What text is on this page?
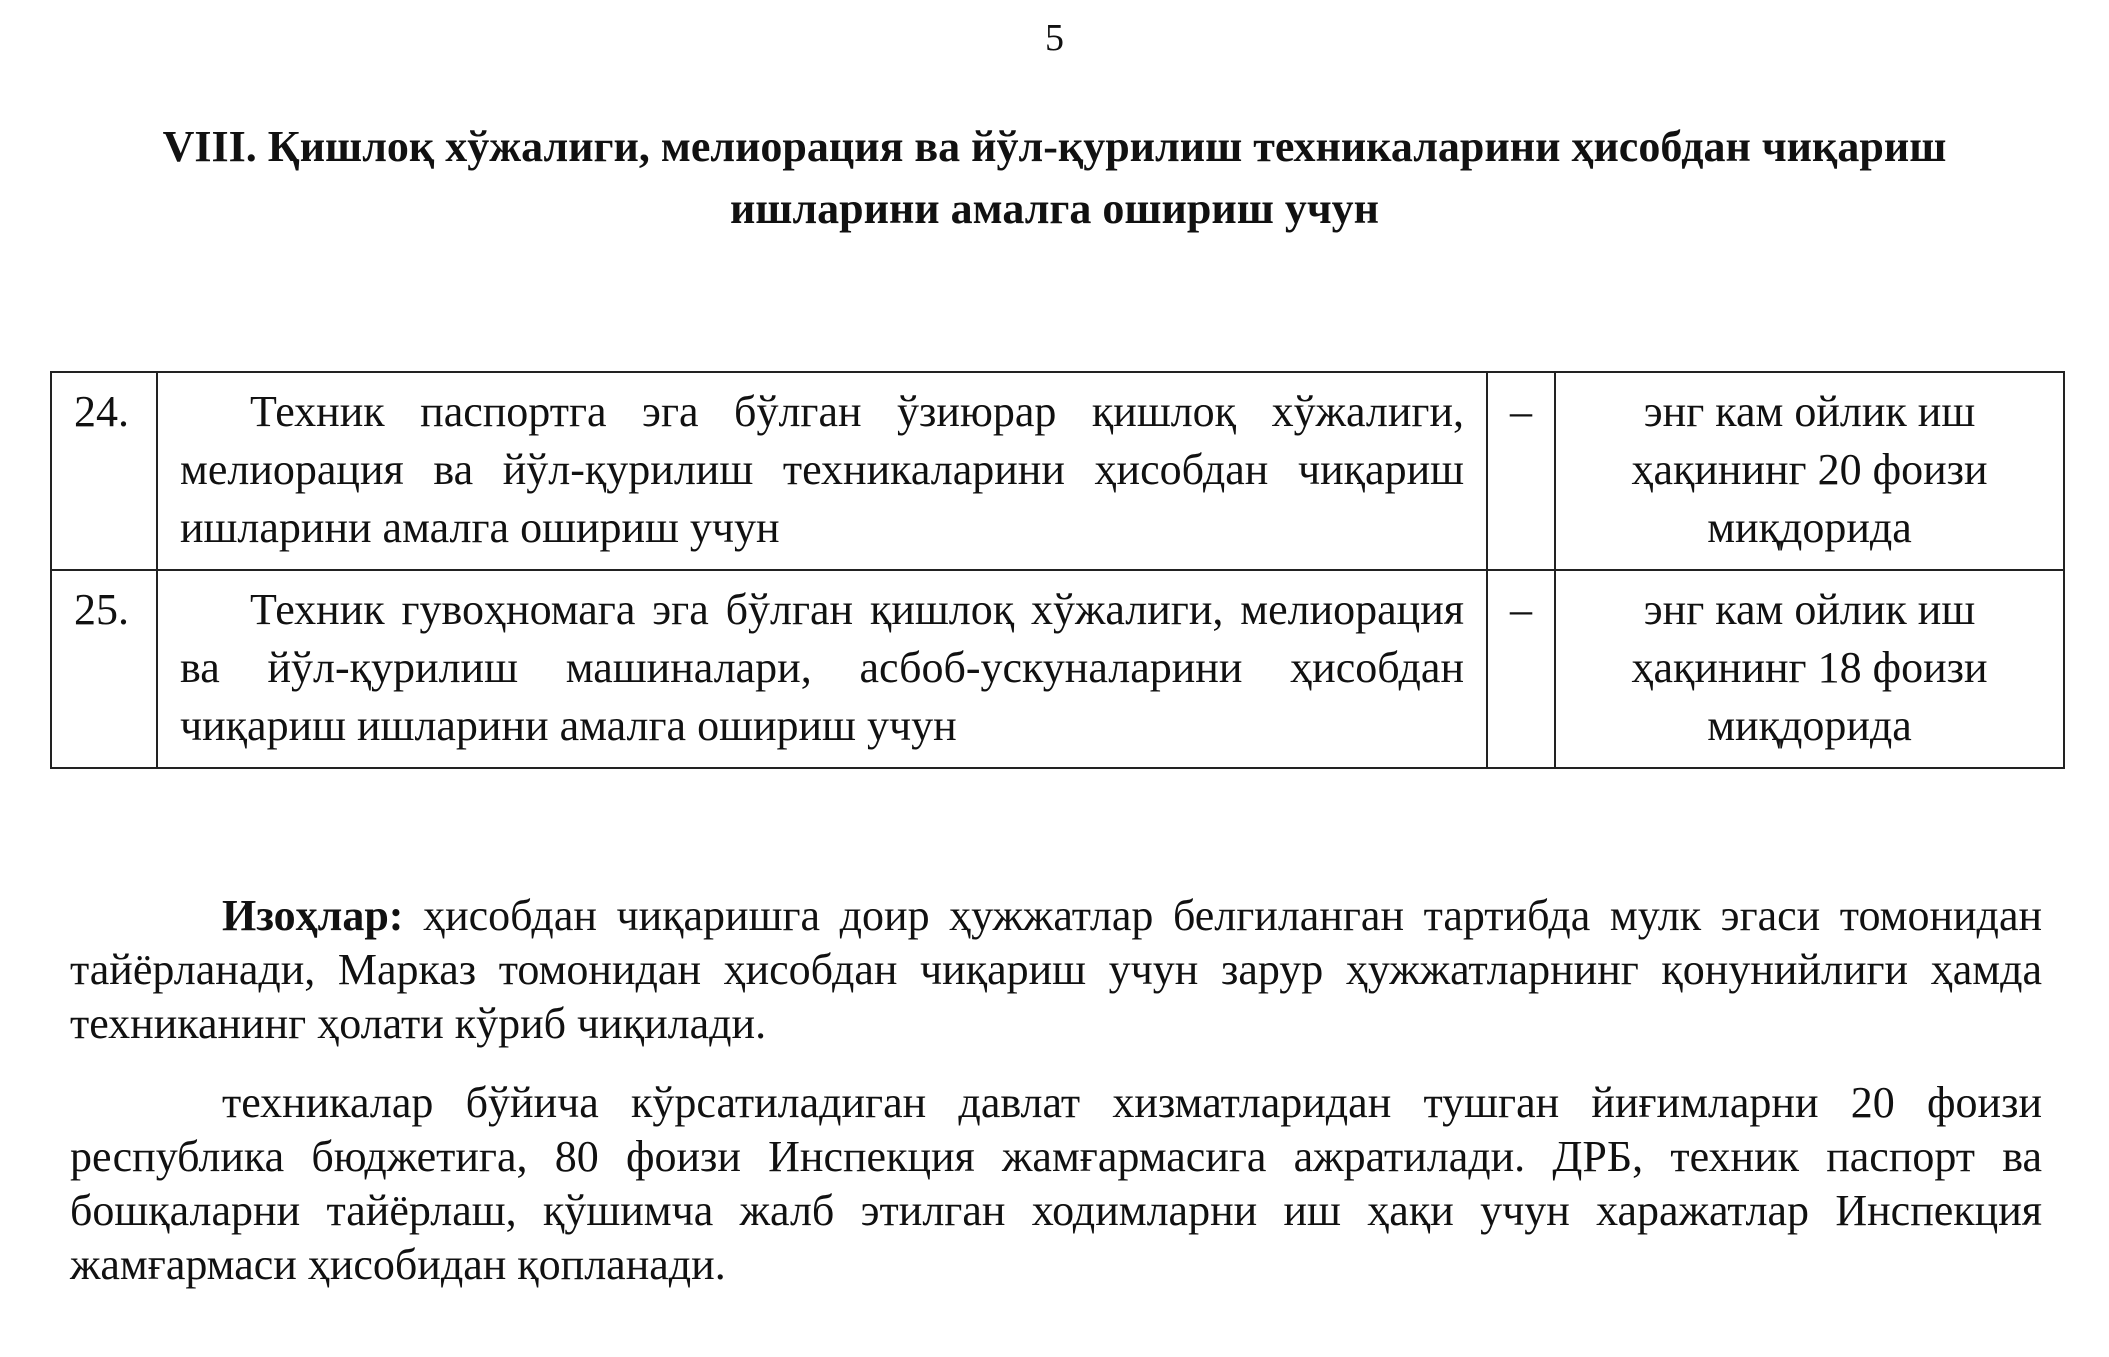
5
VIII. Қишлоқ хўжалиги, мелиорация ва йўл-қурилиш техникаларини ҳисобдан чиқариш ишларини амалга ошириш учун
24.	Техник паспортга эга бўлган ўзиюрар қишлоқ хўжалиги, мелиорация ва йўл-қурилиш техникаларини ҳисобдан чиқариш ишларини амалга ошириш учун	–	энг кам ойлик иш ҳақининг 20 фоизи миқдорида
25.	Техник гувоҳномага эга бўлган қишлоқ хўжалиги, мелиорация ва йўл-қурилиш машиналари, асбоб-ускуналарини ҳисобдан чиқариш ишларини амалга ошириш учун	–	энг кам ойлик иш ҳақининг 18 фоизи миқдорида

Изоҳлар: ҳисобдан чиқаришга доир ҳужжатлар белгиланган тартибда мулк эгаси томонидан тайёрланади, Марказ томонидан ҳисобдан чиқариш учун зарур ҳужжатларнинг қонунийлиги ҳамда техниканинг ҳолати кўриб чиқилади.

техникалар бўйича кўрсатиладиган давлат хизматларидан тушган йиғимларни 20 фоизи республика бюджетига, 80 фоизи Инспекция жамғармасига ажратилади. ДРБ, техник паспорт ва бошқаларни тайёрлаш, қўшимча жалб этилган ходимларни иш ҳақи учун харажатлар Инспекция жамғармаси ҳисобидан қопланади.
